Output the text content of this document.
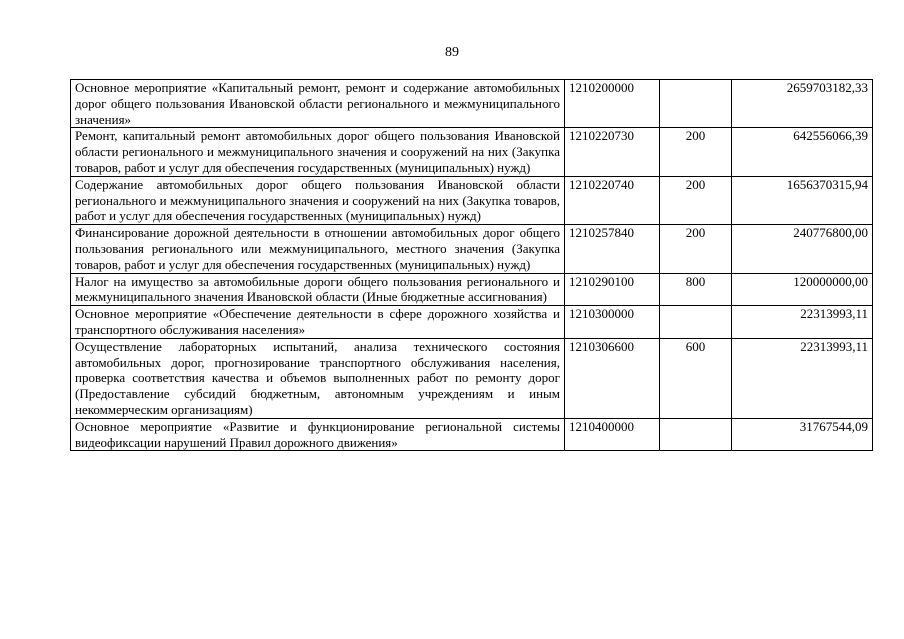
89
Основное мероприятие «Капитальный ремонт, ремонт и содержание автомобильных дорог общего пользования Ивановской области регионального и межмуниципального значения»	1210200000		2659703182,33
Ремонт, капитальный ремонт автомобильных дорог общего пользования Ивановской области регионального и межмуниципального значения и сооружений на них (Закупка товаров, работ и услуг для обеспечения государственных (муниципальных) нужд)	1210220730	200	642556066,39
Содержание автомобильных дорог общего пользования Ивановской области регионального и межмуниципального значения и сооружений на них (Закупка товаров, работ и услуг для обеспечения государственных (муниципальных) нужд)	1210220740	200	1656370315,94
Финансирование дорожной деятельности в отношении автомобильных дорог общего пользования регионального или межмуниципального, местного значения (Закупка товаров, работ и услуг для обеспечения государственных (муниципальных) нужд)	1210257840	200	240776800,00
Налог на имущество за автомобильные дороги общего пользования регионального и межмуниципального значения Ивановской области (Иные бюджетные ассигнования)	1210290100	800	120000000,00
Основное мероприятие «Обеспечение деятельности в сфере дорожного хозяйства и транспортного обслуживания населения»	1210300000		22313993,11
Осуществление лабораторных испытаний, анализа технического состояния автомобильных дорог, прогнозирование транспортного обслуживания населения, проверка соответствия качества и объемов выполненных работ по ремонту дорог (Предоставление субсидий бюджетным, автономным учреждениям и иным некоммерческим организациям)	1210306600	600	22313993,11
Основное мероприятие «Развитие и функционирование региональной системы видеофиксации нарушений Правил дорожного движения»	1210400000		31767544,09
